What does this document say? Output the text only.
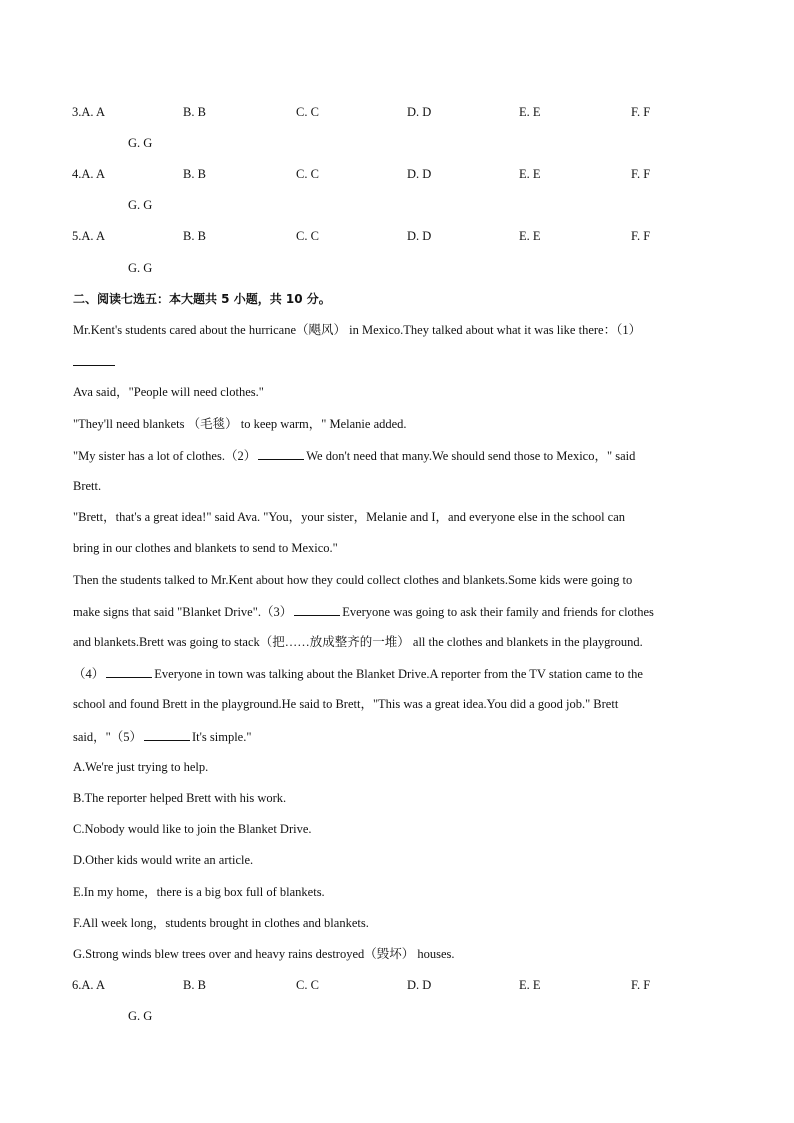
3.A. A	B. B	C. C	D. D	E. E	F. F
G. G
4.A. A	B. B	C. C	D. D	E. E	F. F
G. G
5.A. A	B. B	C. C	D. D	E. E	F. F
G. G
二、阅读七选五：本大题共 5 小题，共 10 分。
Mr.Kent's students cared about the hurricane（飓风） in Mexico.They talked about what it was like there：（1）
Ava said，"People will need clothes."
"They'll need blankets （毛毯） to keep warm，" Melanie added.
"My sister has a lot of clothes.（2）	We don't need that many.We should send those to Mexico，" said
Brett.
"Brett，that's a great idea!" said Ava. "You，your sister，Melanie and I，and everyone else in the school can
bring in our clothes and blankets to send to Mexico."
Then the students talked to Mr.Kent about how they could collect clothes and blankets.Some kids were going to
make signs that said "Blanket Drive".（3）	Everyone was going to ask their family and friends for clothes
and blankets.Brett was going to stack（把……放成整齐的一堆） all the clothes and blankets in the playground.
（4）	Everyone in town was talking about the Blanket Drive.A reporter from the TV station came to the
school and found Brett in the playground.He said to Brett，"This was a great idea.You did a good job." Brett
said，"（5）	It's simple."
A.We're just trying to help.
B.The reporter helped Brett with his work.
C.Nobody would like to join the Blanket Drive.
D.Other kids would write an article.
E.In my home，there is a big box full of blankets.
F.All week long，students brought in clothes and blankets.
G.Strong winds blew trees over and heavy rains destroyed（毁坏） houses.
6.A. A	B. B	C. C	D. D	E. E	F. F
G. G
